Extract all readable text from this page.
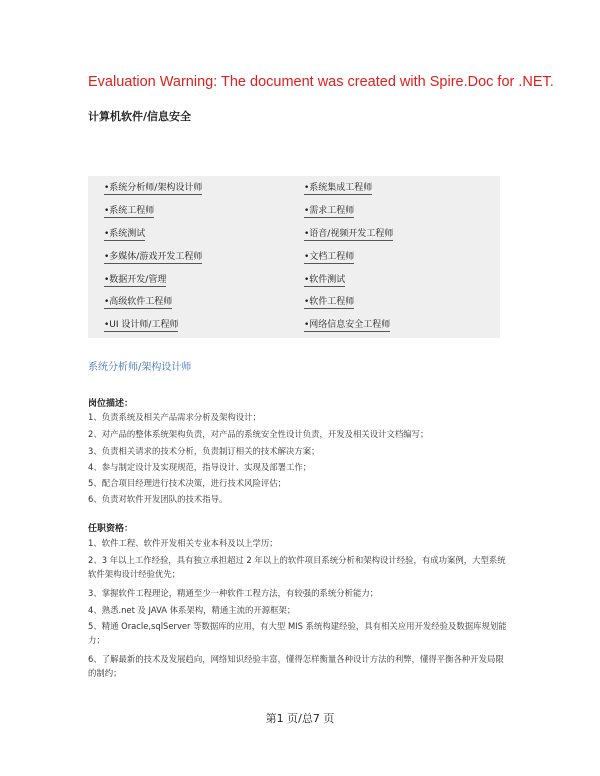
Evaluation Warning: The document was created with Spire.Doc for .NET.
计算机软件/信息安全
•系统分析师/架构设计师	•系统集成工程师
•系统工程师	•需求工程师
•系统测试	•语音/视频开发工程师
•多媒体/游戏开发工程师	•文档工程师
•数据开发/管理	•软件测试
•高级软件工程师	•软件工程师
•UI 设计师/工程师	•网络信息安全工程师
系统分析师/架构设计师
岗位描述：
1、负责系统及相关产品需求分析及架构设计；
2、对产品的整体系统架构负责，对产品的系统安全性设计负责，开发及相关设计文档编写；
3、负责相关请求的技术分析，负责制订相关的技术解决方案；
4、参与制定设计及实现规范，指导设计、实现及部署工作；
5、配合项目经理进行技术决策，进行技术风险评估；
6、负责对软件开发团队的技术指导。
任职资格：
1、软件工程、软件开发相关专业本科及以上学历；
2、3 年以上工作经验，具有独立承担超过 2 年以上的软件项目系统分析和架构设计经验，有成功案例，大型系统软件架构设计经验优先；
3、掌握软件工程理论，精通至少一种软件工程方法，有较强的系统分析能力；
4、熟悉.net 及 JAVA 体系架构，精通主流的开源框架；
5、精通 Oracle,sqlServer 等数据库的应用，有大型 MIS 系统构建经验，具有相关应用开发经验及数据库规划能力；
6、了解最新的技术及发展趋向，网络知识经验丰富，懂得怎样衡量各种设计方法的利弊，懂得平衡各种开发局限的制约；
第1 页/总7 页
